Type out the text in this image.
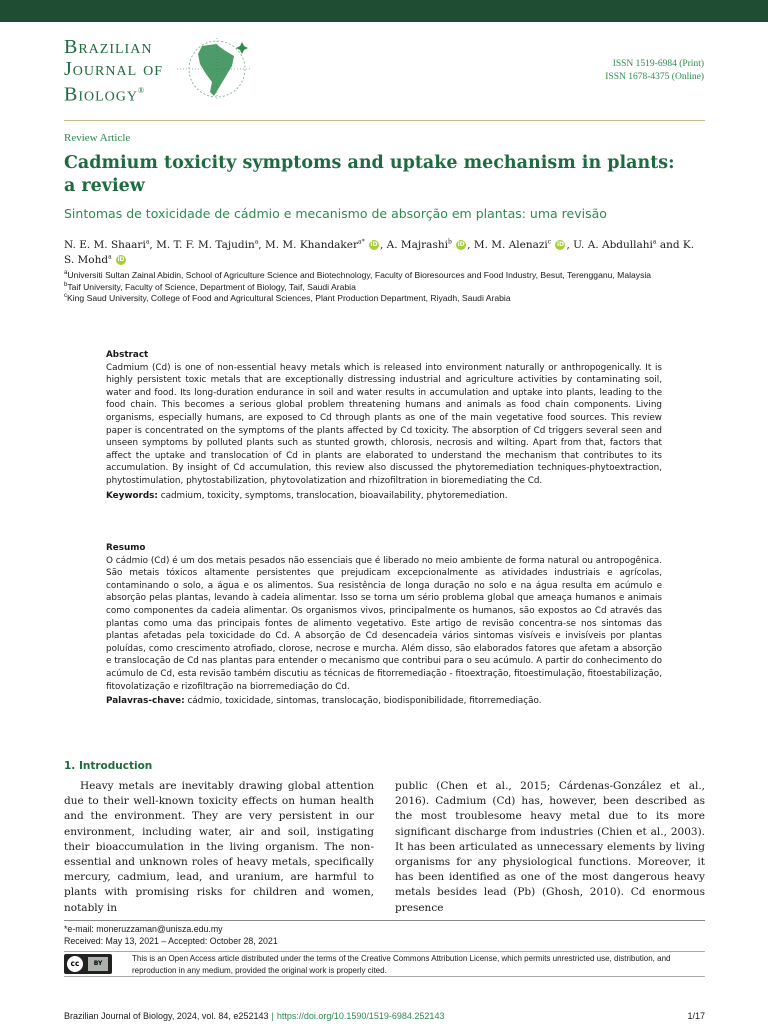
Brazilian
Journal of
Biology®
ISSN 1519-6984 (Print)
ISSN 1678-4375 (Online)
Review Article
Cadmium toxicity symptoms and uptake mechanism in plants:
a review
Sintomas de toxicidade de cádmio e mecanismo de absorção em plantas: uma revisão
N. E. M. Shaari$^a$, M. T. F. M. Tajudin$^a$, M. M. Khandaker$^{a*}$ iD , A. Majrashi$^b$ iD , M. M. Alenazi$^c$ iD , U. A. Abdullahi$^a$ and K. S. Mohd$^a$ iD
$^a$Universiti Sultan Zainal Abidin, School of Agriculture Science and Biotechnology, Faculty of Bioresources and Food Industry, Besut, Terengganu, Malaysia
$^b$Taif University, Faculty of Science, Department of Biology, Taif, Saudi Arabia
$^c$King Saud University, College of Food and Agricultural Sciences, Plant Production Department, Riyadh, Saudi Arabia
Abstract
Cadmium (Cd) is one of non-essential heavy metals which is released into environment naturally or anthropogenically. It is highly persistent toxic metals that are exceptionally distressing industrial and agriculture activities by contaminating soil, water and food. Its long-duration endurance in soil and water results in accumulation and uptake into plants, leading to the food chain. This becomes a serious global problem threatening humans and animals as food chain components. Living organisms, especially humans, are exposed to Cd through plants as one of the main vegetative food sources. This review paper is concentrated on the symptoms of the plants affected by Cd toxicity. The absorption of Cd triggers several seen and unseen symptoms by polluted plants such as stunted growth, chlorosis, necrosis and wilting. Apart from that, factors that affect the uptake and translocation of Cd in plants are elaborated to understand the mechanism that contributes to its accumulation. By insight of Cd accumulation, this review also discussed the phytoremediation techniques-phytoextraction, phytostimulation, phytostabilization, phytovolatization and rhizofiltration in bioremediating the Cd.
Keywords: cadmium, toxicity, symptoms, translocation, bioavailability, phytoremediation.
Resumo
O cádmio (Cd) é um dos metais pesados não essenciais que é liberado no meio ambiente de forma natural ou antropogênica. São metais tóxicos altamente persistentes que prejudicam excepcionalmente as atividades industriais e agrícolas, contaminando o solo, a água e os alimentos. Sua resistência de longa duração no solo e na água resulta em acúmulo e absorção pelas plantas, levando à cadeia alimentar. Isso se torna um sério problema global que ameaça humanos e animais como componentes da cadeia alimentar. Os organismos vivos, principalmente os humanos, são expostos ao Cd através das plantas como uma das principais fontes de alimento vegetativo. Este artigo de revisão concentra-se nos sintomas das plantas afetadas pela toxicidade do Cd. A absorção de Cd desencadeia vários sintomas visíveis e invisíveis por plantas poluídas, como crescimento atrofiado, clorose, necrose e murcha. Além disso, são elaborados fatores que afetam a absorção e translocação de Cd nas plantas para entender o mecanismo que contribui para o seu acúmulo. A partir do conhecimento do acúmulo de Cd, esta revisão também discutiu as técnicas de fitorremediação - fitoextração, fitoestimulação, fitoestabilização, fitovolatização e rizofiltração na biorremediação do Cd.
Palavras-chave: cádmio, toxicidade, sintomas, translocação, biodisponibilidade, fitorremediação.
1. Introduction
Heavy metals are inevitably drawing global attention due to their well-known toxicity effects on human health and the environment. They are very persistent in our environment, including water, air and soil, instigating their bioaccumulation in the living organism. The non-essential and unknown roles of heavy metals, specifically mercury, cadmium, lead, and uranium, are harmful to plants with promising risks for children and women, notably in
public (Chen et al., 2015; Cárdenas-González et al., 2016). Cadmium (Cd) has, however, been described as the most troublesome heavy metal due to its more significant discharge from industries (Chien et al., 2003). It has been articulated as unnecessary elements by living organisms for any physiological functions. Moreover, it has been identified as one of the most dangerous heavy metals besides lead (Pb) (Ghosh, 2010). Cd enormous presence
*e-mail: moneruzzaman@unisza.edu.my
Received: May 13, 2021 – Accepted: October 28, 2021
cc	BY
This is an Open Access article distributed under the terms of the Creative Commons Attribution License, which permits unrestricted use, distribution, and reproduction in any medium, provided the original work is properly cited.
Brazilian Journal of Biology, 2024, vol. 84, e252143 | https://doi.org/10.1590/1519-6984.252143	1/17
